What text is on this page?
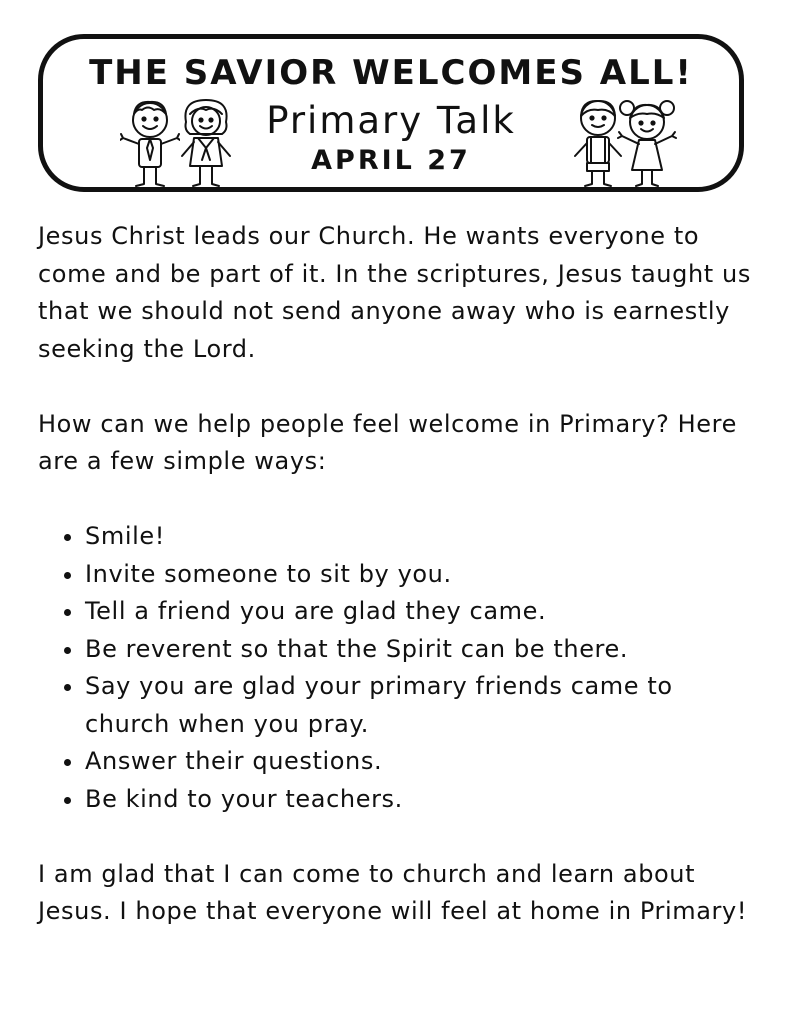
THE SAVIOR WELCOMES ALL!
Primary Talk
APRIL 27

Jesus Christ leads our Church. He wants everyone to come and be part of it. In the scriptures, Jesus taught us that we should not send anyone away who is earnestly seeking the Lord.

How can we help people feel welcome in Primary? Here are a few simple ways:

• Smile!
• Invite someone to sit by you.
• Tell a friend you are glad they came.
• Be reverent so that the Spirit can be there.
• Say you are glad your primary friends came to church when you pray.
• Answer their questions.
• Be kind to your teachers.

I am glad that I can come to church and learn about Jesus. I hope that everyone will feel at home in Primary!
